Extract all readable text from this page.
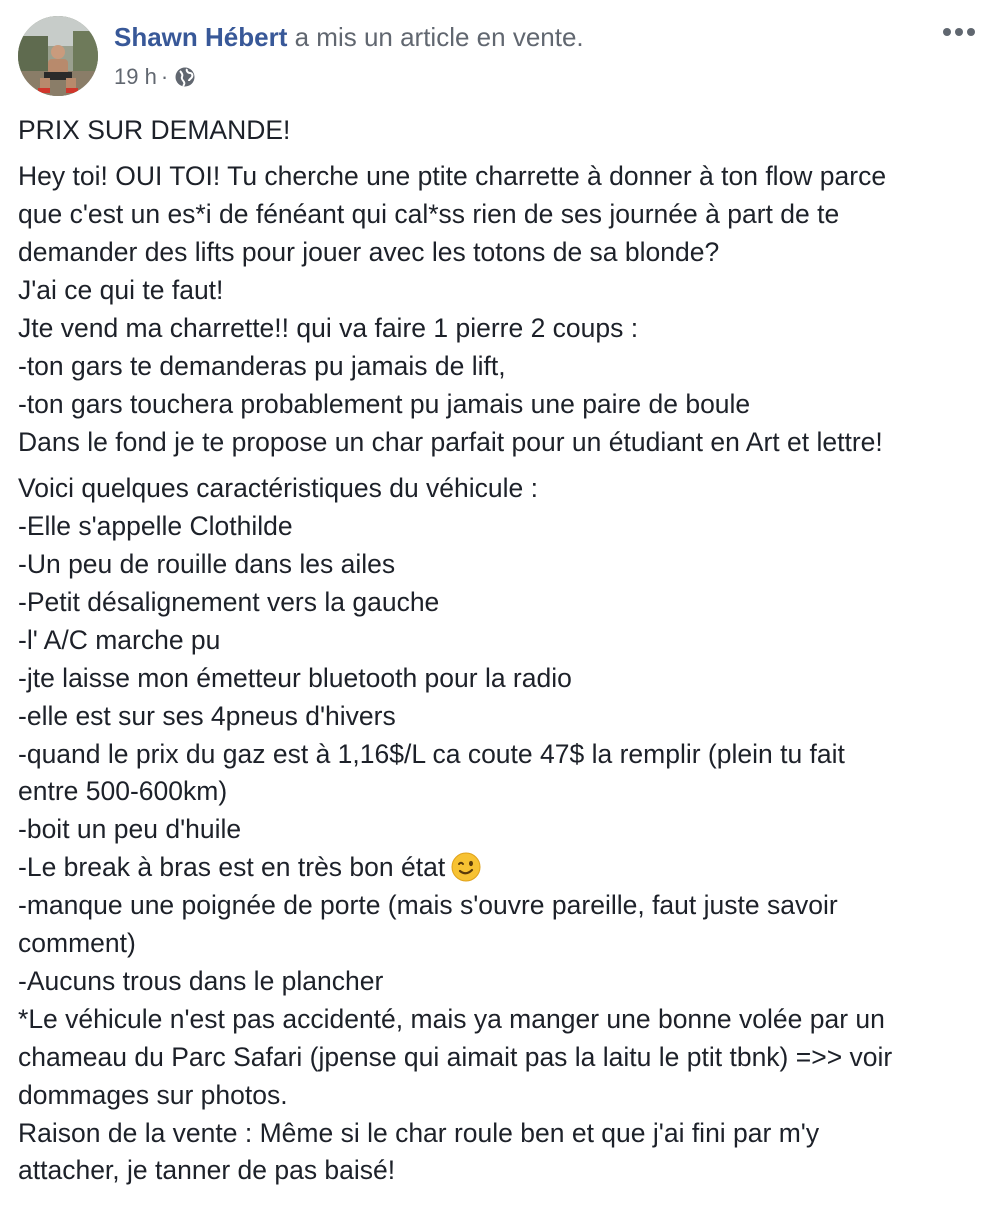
Shawn Hébert a mis un article en vente.
19 h ·
PRIX SUR DEMANDE!
Hey toi! OUI TOI! Tu cherche une ptite charrette à donner à ton flow parce
que c'est un es*i de fénéant qui cal*ss rien de ses journée à part de te
demander des lifts pour jouer avec les totons de sa blonde?
J'ai ce qui te faut!
Jte vend ma charrette!! qui va faire 1 pierre 2 coups :
-ton gars te demanderas pu jamais de lift,
-ton gars touchera probablement pu jamais une paire de boule
Dans le fond je te propose un char parfait pour un étudiant en Art et lettre!
Voici quelques caractéristiques du véhicule :
-Elle s'appelle Clothilde
-Un peu de rouille dans les ailes
-Petit désalignement vers la gauche
-l' A/C marche pu
-jte laisse mon émetteur bluetooth pour la radio
-elle est sur ses 4pneus d'hivers
-quand le prix du gaz est à 1,16$/L ca coute 47$ la remplir (plein tu fait
entre 500-600km)
-boit un peu d'huile
-Le break à bras est en très bon état
-manque une poignée de porte (mais s'ouvre pareille, faut juste savoir
comment)
-Aucuns trous dans le plancher
*Le véhicule n'est pas accidenté, mais ya manger une bonne volée par un
chameau du Parc Safari (jpense qui aimait pas la laitu le ptit tbnk) =>> voir
dommages sur photos.
Raison de la vente : Même si le char roule ben et que j'ai fini par m'y
attacher, je tanner de pas baisé!
